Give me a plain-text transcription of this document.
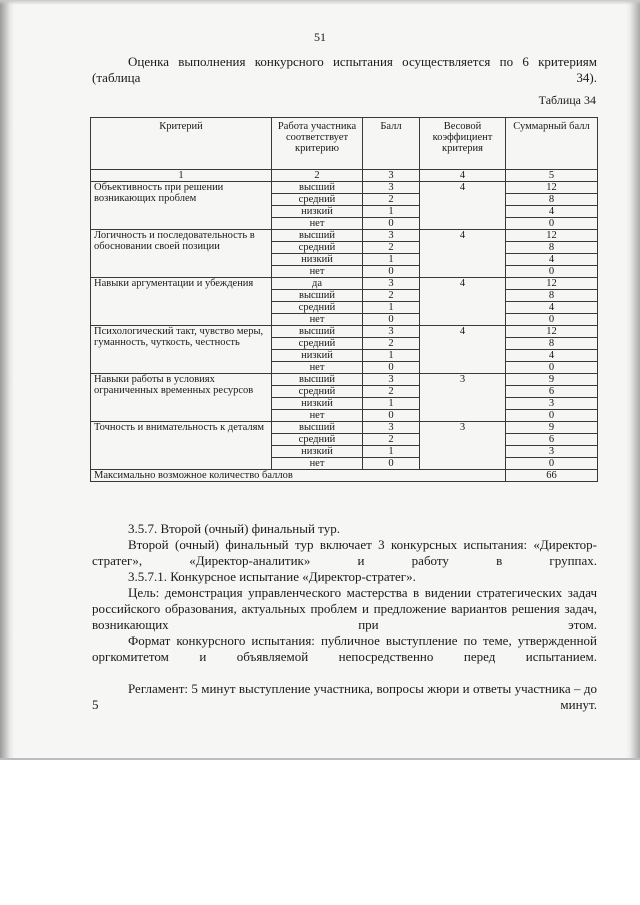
51

Оценка выполнения конкурсного испытания осуществляется по 6 критериям (таблица 34).

Таблица 34
Критерий	Работа участника соответствует критерию	Балл	Весовой коэффициент критерия	Суммарный балл
1	2	3	4	5
Объективность при решении возникающих проблем	высший	3	4	12
	средний	2		8
	низкий	1		4
	нет	0		0
Логичность и последовательность в обосновании своей позиции	высший	3	4	12
	средний	2		8
	низкий	1		4
	нет	0		0
Навыки аргументации и убеждения	да	3	4	12
	высший	2		8
	средний	1		4
	нет	0		0
Психологический такт, чувство меры, гуманность, чуткость, честность	высший	3	4	12
	средний	2		8
	низкий	1		4
	нет	0		0
Навыки работы в условиях ограниченных временных ресурсов	высший	3	3	9
	средний	2		6
	низкий	1		3
	нет	0		0
Точность и внимательность к деталям	высший	3	3	9
	средний	2		6
	низкий	1		3
	нет	0		0
Максимально возможное количество баллов				66

3.5.7. Второй (очный) финальный тур.

Второй (очный) финальный тур включает 3 конкурсных испытания: «Директор-стратег», «Директор-аналитик» и работу в группах.

3.5.7.1. Конкурсное испытание «Директор-стратег».

Цель: демонстрация управленческого мастерства в видении стратегических задач российского образования, актуальных проблем и предложение вариантов решения задач, возникающих при этом.

Формат конкурсного испытания: публичное выступление по теме, утвержденной оргкомитетом и объявляемой непосредственно перед испытанием.

Регламент: 5 минут выступление участника, вопросы жюри и ответы участника – до 5 минут.
